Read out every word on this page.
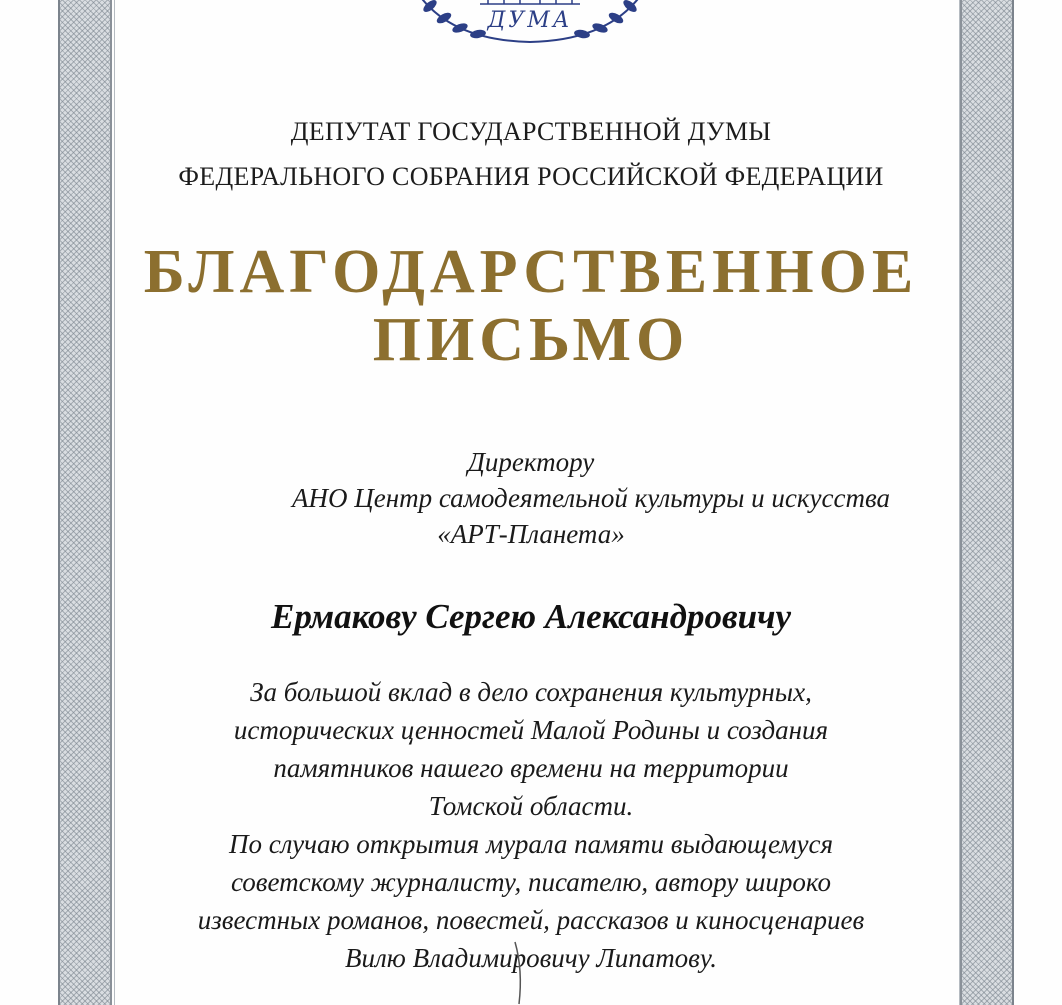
ДУМА
ДЕПУТАТ ГОСУДАРСТВЕННОЙ ДУМЫ
ФЕДЕРАЛЬНОГО СОБРАНИЯ РОССИЙСКОЙ ФЕДЕРАЦИИ
БЛАГОДАРСТВЕННОЕ
ПИСЬМО
Директору
АНО Центр самодеятельной культуры и искусства
«АРТ-Планета»
Ермакову Сергею Александровичу
За большой вклад в дело сохранения культурных,
исторических ценностей Малой Родины и создания
памятников нашего времени на территории
Томской области.
По случаю открытия мурала памяти выдающемуся
советскому журналисту, писателю, автору широко
известных романов, повестей, рассказов и киносценариев
Вилю Владимировичу Липатову.
